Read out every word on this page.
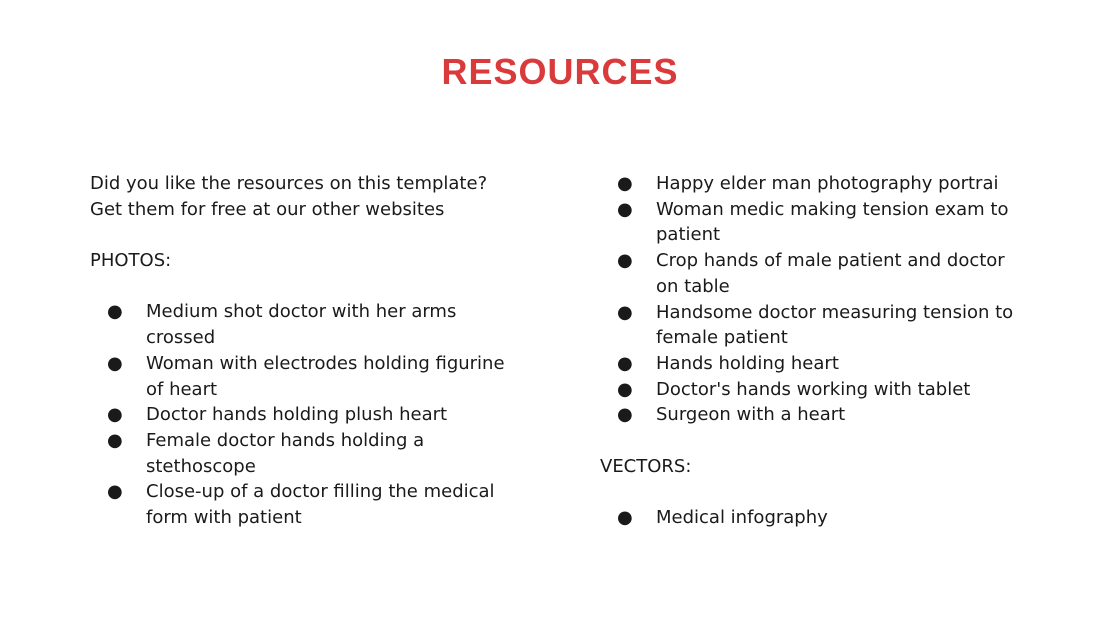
RESOURCES

Did you like the resources on this template?

Get them for free at our other websites

PHOTOS:

● Medium shot doctor with her arms
crossed
● Woman with electrodes holding figurine
of heart
● Doctor hands holding plush heart
● Female doctor hands holding a
stethoscope
● Close-up of a doctor filling the medical
form with patient
● Happy elder man photography portrai
● Woman medic making tension exam to
patient
● Crop hands of male patient and doctor
on table
● Handsome doctor measuring tension to
female patient
● Hands holding heart
● Doctor's hands working with tablet
● Surgeon with a heart

VECTORS:

● Medical infography
